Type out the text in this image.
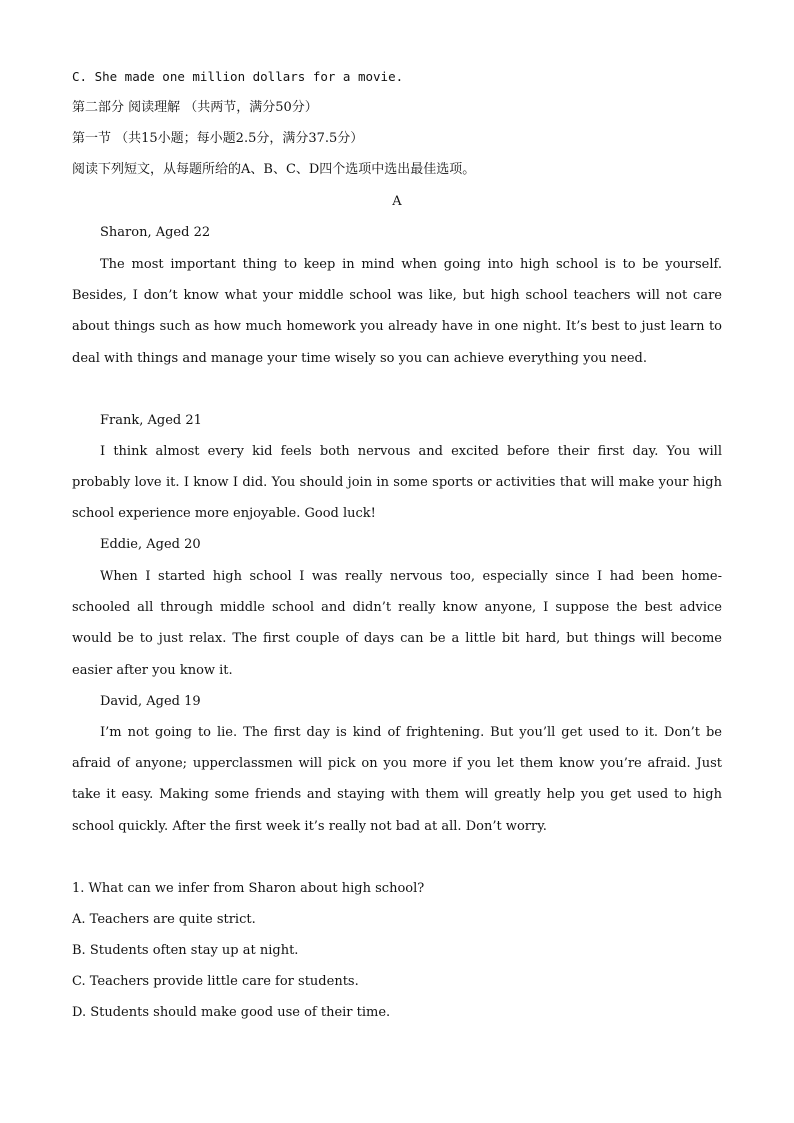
C. She made one million dollars for a movie.
第二部分 阅读理解 （共两节，满分50分）
第一节 （共15小题；每小题2.5分，满分37.5分）
阅读下列短文，从每题所给的A、B、C、D四个选项中选出最佳选项。
A
Sharon, Aged 22
The most important thing to keep in mind when going into high school is to be yourself. Besides, I don’t know what your middle school was like, but high school teachers will not care about things such as how much homework you already have in one night. It’s best to just learn to deal with things and manage your time wisely so you can achieve everything you need.
Frank, Aged 21
I think almost every kid feels both nervous and excited before their first day. You will probably love it. I know I did. You should join in some sports or activities that will make your high school experience more enjoyable. Good luck!
Eddie, Aged 20
When I started high school I was really nervous too, especially since I had been home-schooled all through middle school and didn’t really know anyone, I suppose the best advice would be to just relax. The first couple of days can be a little bit hard, but things will become easier after you know it.
David, Aged 19
I’m not going to lie. The first day is kind of frightening. But you’ll get used to it. Don’t be afraid of anyone; upperclassmen will pick on you more if you let them know you’re afraid. Just take it easy. Making some friends and staying with them will greatly help you get used to high school quickly. After the first week it’s really not bad at all. Don’t worry.
1. What can we infer from Sharon about high school?
A. Teachers are quite strict.
B. Students often stay up at night.
C. Teachers provide little care for students.
D. Students should make good use of their time.
